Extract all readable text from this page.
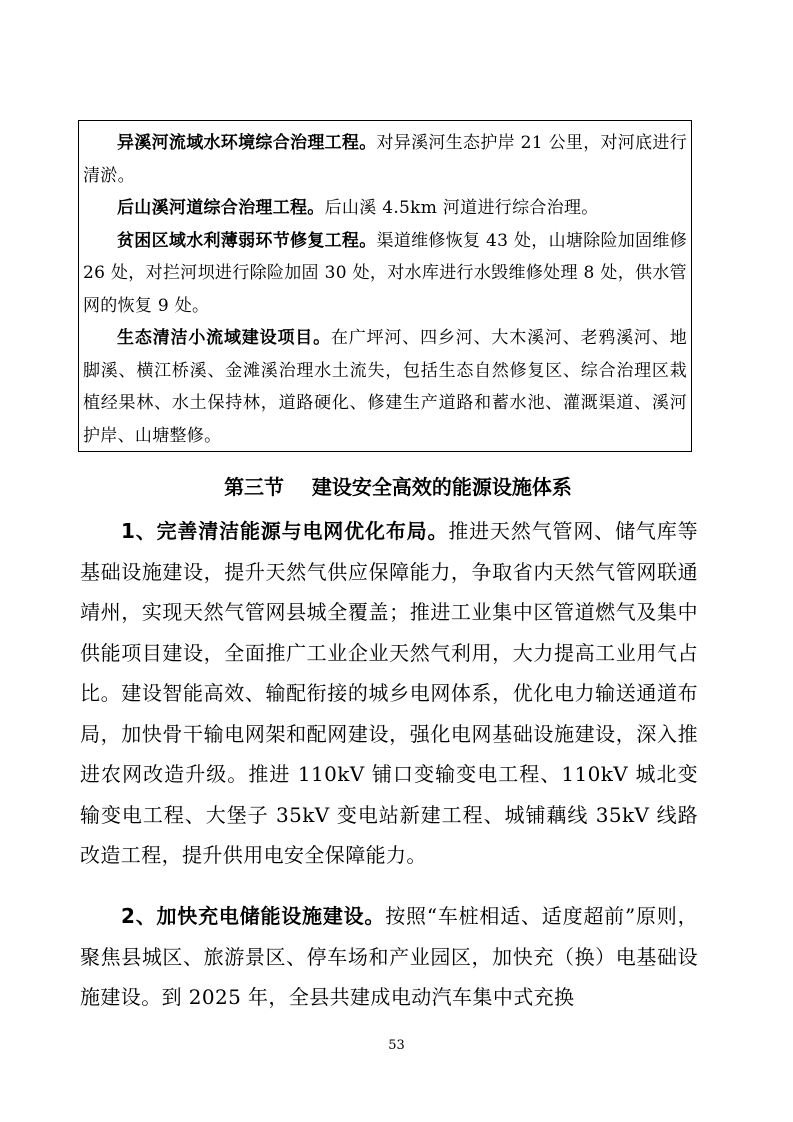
异溪河流域水环境综合治理工程。对异溪河生态护岸 21 公里，对河底进行清淤。

后山溪河道综合治理工程。后山溪 4.5km 河道进行综合治理。

贫困区域水利薄弱环节修复工程。渠道维修恢复 43 处，山塘除险加固维修 26 处，对拦河坝进行除险加固 30 处，对水库进行水毁维修处理 8 处，供水管网的恢复 9 处。

生态清洁小流域建设项目。在广坪河、四乡河、大木溪河、老鸦溪河、地脚溪、横江桥溪、金滩溪治理水土流失，包括生态自然修复区、综合治理区栽植经果林、水土保持林，道路硬化、修建生产道路和蓄水池、灌溉渠道、溪河护岸、山塘整修。

第三节    建设安全高效的能源设施体系

1、完善清洁能源与电网优化布局。推进天然气管网、储气库等基础设施建设，提升天然气供应保障能力，争取省内天然气管网联通靖州，实现天然气管网县城全覆盖；推进工业集中区管道燃气及集中供能项目建设，全面推广工业企业天然气利用，大力提高工业用气占比。建设智能高效、输配衔接的城乡电网体系，优化电力输送通道布局，加快骨干输电网架和配网建设，强化电网基础设施建设，深入推进农网改造升级。推进 110kV 铺口变输变电工程、110kV 城北变输变电工程、大堡子 35kV 变电站新建工程、城铺藕线 35kV 线路改造工程，提升供用电安全保障能力。

2、加快充电储能设施建设。按照“车桩相适、适度超前”原则，聚焦县城区、旅游景区、停车场和产业园区，加快充（换）电基础设施建设。到 2025 年，全县共建成电动汽车集中式充换

53
